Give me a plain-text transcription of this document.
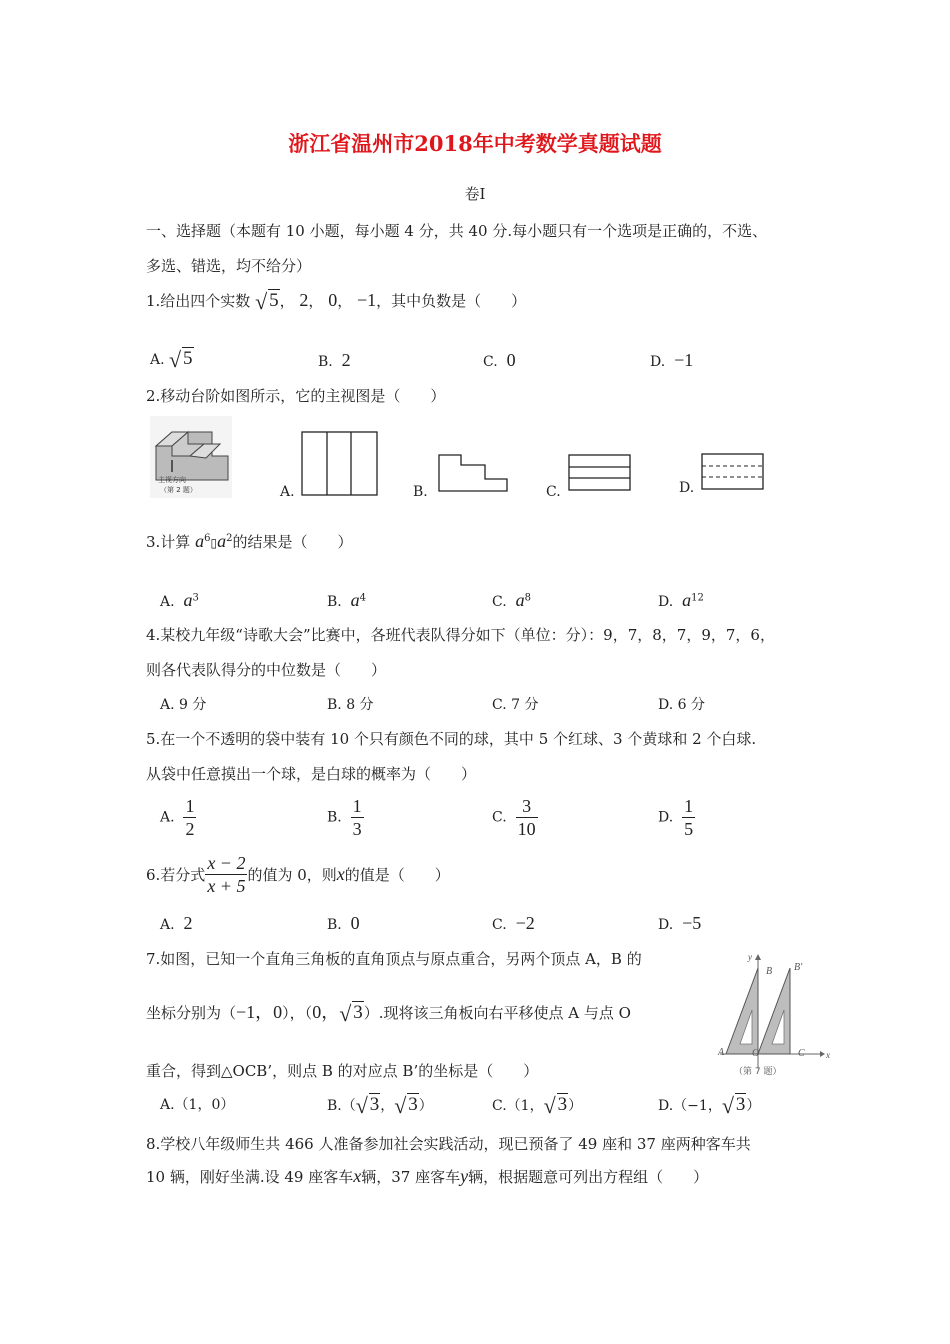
浙江省温州市2018年中考数学真题试题
卷Ⅰ
一、选择题（本题有 10 小题，每小题 4 分，共 40 分.每小题只有一个选项是正确的，不选、
多选、错选，均不给分）
1.给出四个实数 √ 5， 2， 0， −1，其中负数是（　　）
A. √ 5	B. 2	C. 0	D. −1
2.移动台阶如图所示，它的主视图是（　　）
主视方向
（第 2 题）	A.	B.	C.	D.
3.计算 $a^6▯a^2$的结果是（　　）
A. $a^3$	B. $a^4$	C. $a^8$	D. $a^{12}$
4.某校九年级“诗歌大会”比赛中，各班代表队得分如下（单位：分）：9，7，8，7，9，7，6，
则各代表队得分的中位数是（　　）
A. 9 分	B. 8 分	C. 7 分	D. 6 分
5.在一个不透明的袋中装有 10 个只有颜色不同的球，其中 5 个红球、3 个黄球和 2 个白球.
从袋中任意摸出一个球，是白球的概率为（　　）
A. $\frac{1}{2}$	B. $\frac{1}{3}$	C. $\frac{3}{10}$	D. $\frac{1}{5}$
6.若分式 $\frac{x - 2}{x + 5}$ 的值为 0，则x的值是（　　）
A. 2	B. 0	C. −2	D. −5
7.如图，已知一个直角三角板的直角顶点与原点重合，另两个顶点 A，B 的
坐标分别为（−1，0），（0， √ 3）.现将该三角板向右平移使点 A 与点 O
重合，得到△OCB’，则点 B 的对应点 B’的坐标是（　　）
y
x
B B'
A	O	C
（第 7 题）
A.（1，0）	B.（ √ 3， √ 3）	C.（1， √ 3）	D.（−1， √ 3）
8.学校八年级师生共 466 人准备参加社会实践活动，现已预备了 49 座和 37 座两种客车共
10 辆，刚好坐满.设 49 座客车x辆，37 座客车y辆，根据题意可列出方程组（　　）
